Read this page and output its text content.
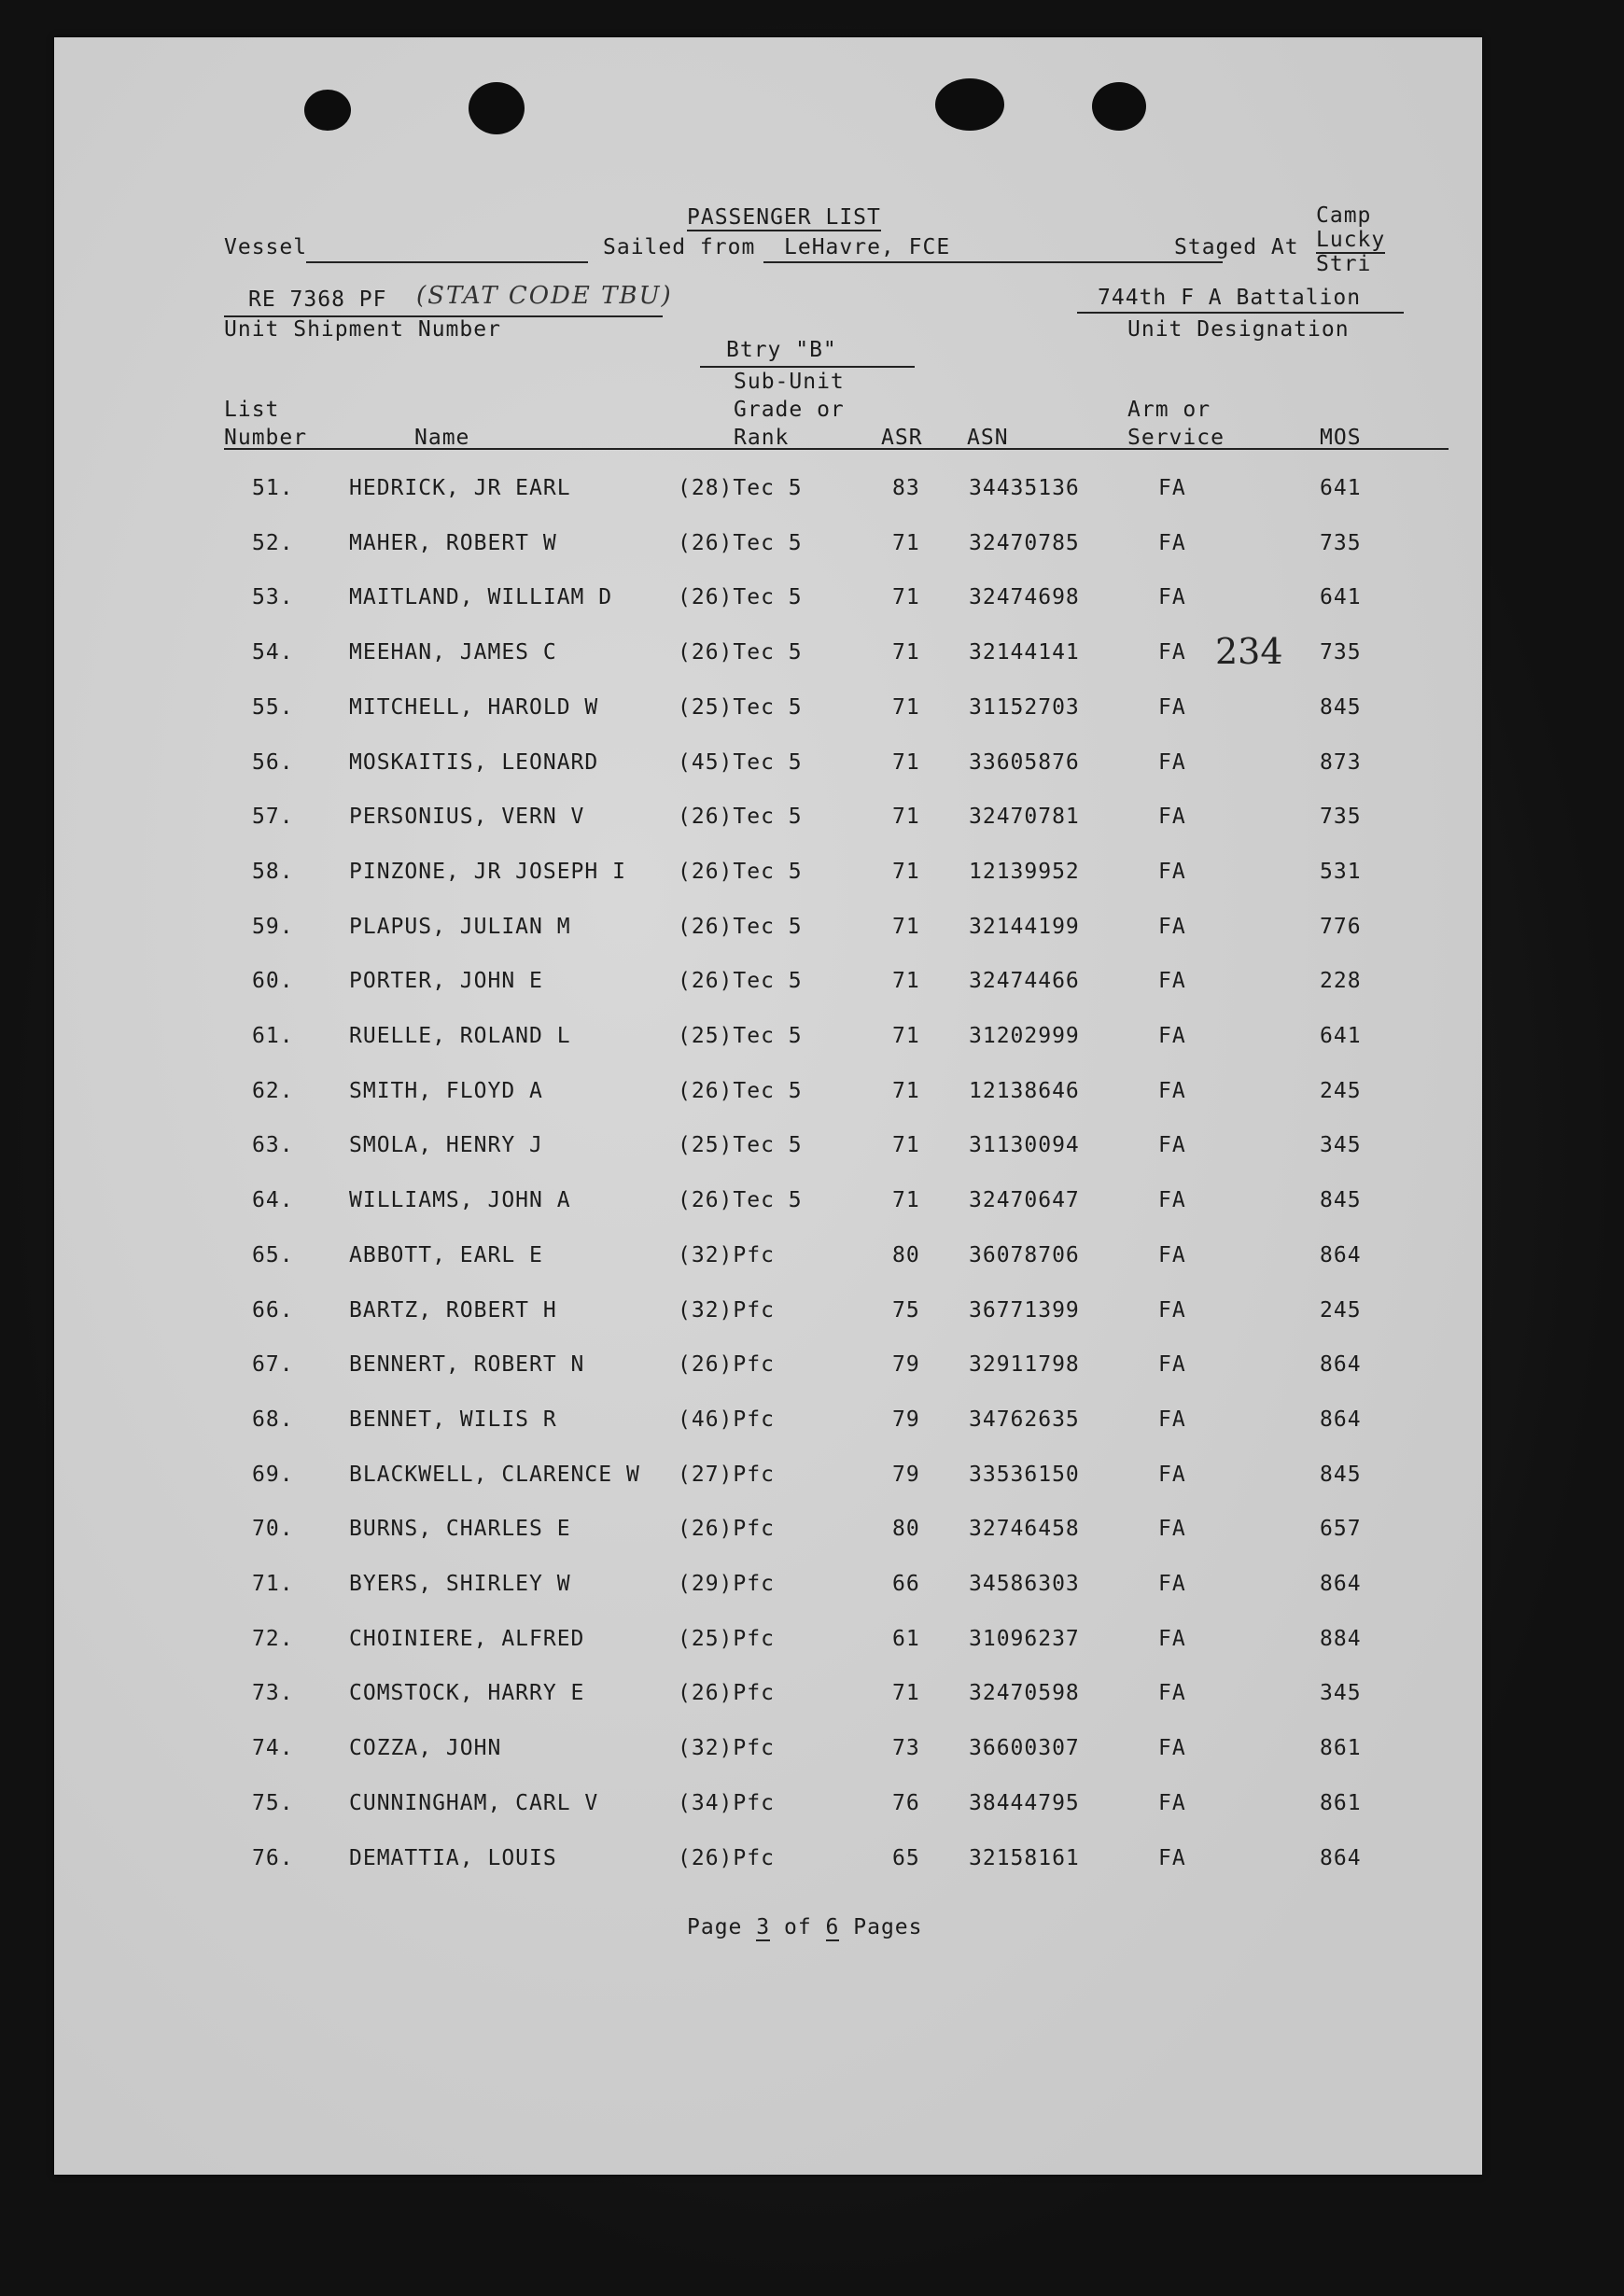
PASSENGER LIST
Vessel	Sailed from LeHavre, FCE	Staged At
Camp
Lucky
Stri
RE 7368 PF (STAT CODE TBU)
Unit Shipment Number
744th F A Battalion
Unit Designation
Btry "B"
List
Number	Name
Sub-Unit
Grade or
Rank	ASR ASN
Arm or
Service	MOS
234
51.	HEDRICK, JR EARL	(28)Tec 5	83 34435136	FA	641
52.	MAHER, ROBERT W	(26)Tec 5	71 32470785	FA	735
53.	MAITLAND, WILLIAM D	(26)Tec 5	71 32474698	FA	641
54.	MEEHAN, JAMES C	(26)Tec 5	71 32144141	FA	735
55.	MITCHELL, HAROLD W	(25)Tec 5	71 31152703	FA	845
56.	MOSKAITIS, LEONARD	(45)Tec 5	71 33605876	FA	873
57.	PERSONIUS, VERN V	(26)Tec 5	71 32470781	FA	735
58.	PINZONE, JR JOSEPH I (26)Tec 5	71 12139952	FA	531
59.	PLAPUS, JULIAN M	(26)Tec 5	71 32144199	FA	776
60.	PORTER, JOHN E	(26)Tec 5	71 32474466	FA	228
61.	RUELLE, ROLAND L	(25)Tec 5	71 31202999	FA	641
62.	SMITH, FLOYD A	(26)Tec 5	71 12138646	FA	245
63.	SMOLA, HENRY J	(25)Tec 5	71 31130094	FA	345
64.	WILLIAMS, JOHN A	(26)Tec 5	71 32470647	FA	845
65.	ABBOTT, EARL E	(32)Pfc	80 36078706	FA	864
66.	BARTZ, ROBERT H	(32)Pfc	75 36771399	FA	245
67.	BENNERT, ROBERT N	(26)Pfc	79 32911798	FA	864
68.	BENNET, WILIS R	(46)Pfc	79 34762635	FA	864
69.	BLACKWELL, CLARENCE W (27)Pfc	79 33536150	FA	845
70.	BURNS, CHARLES E	(26)Pfc	80 32746458	FA	657
71.	BYERS, SHIRLEY W	(29)Pfc	66 34586303	FA	864
72.	CHOINIERE, ALFRED	(25)Pfc	61 31096237	FA	884
73.	COMSTOCK, HARRY E	(26)Pfc	71 32470598	FA	345
74.	COZZA, JOHN	(32)Pfc	73 36600307	FA	861
75.	CUNNINGHAM, CARL V	(34)Pfc	76 38444795	FA	861
76.	DEMATTIA, LOUIS	(26)Pfc	65 32158161	FA	864
Page 3 of 6 Pages
